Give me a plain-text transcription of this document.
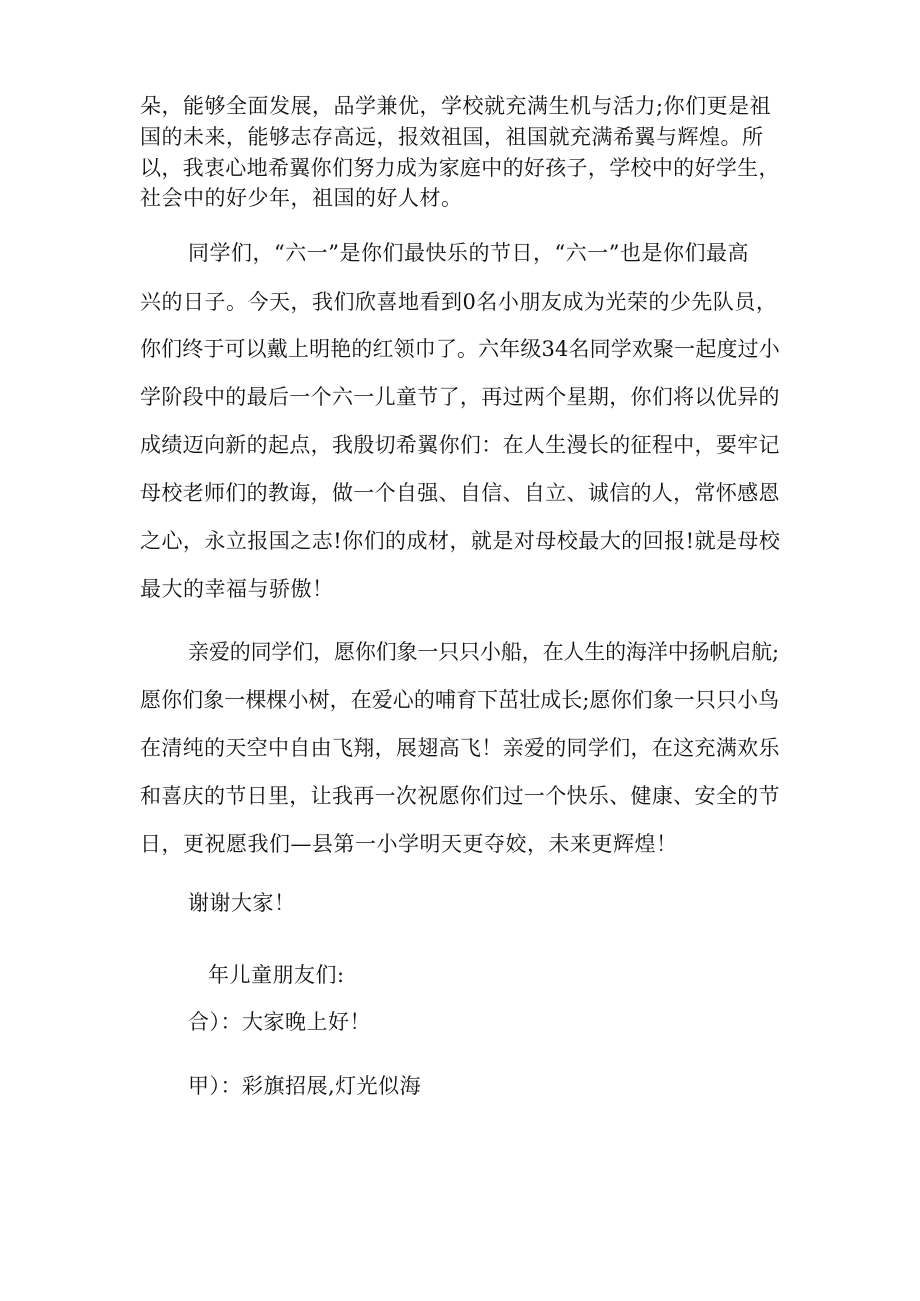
朵，能够全面发展，品学兼优，学校就充满生机与活力;你们更是祖
国的未来，能够志存高远，报效祖国，祖国就充满希翼与辉煌。所
以，我衷心地希翼你们努力成为家庭中的好孩子，学校中的好学生，
社会中的好少年，祖国的好人材。
同学们，“六一”是你们最快乐的节日，“六一”也是你们最高
兴的日子。今天，我们欣喜地看到0名小朋友成为光荣的少先队员，
你们终于可以戴上明艳的红领巾了。六年级34名同学欢聚一起度过小
学阶段中的最后一个六一儿童节了，再过两个星期，你们将以优异的
成绩迈向新的起点，我殷切希翼你们：在人生漫长的征程中，要牢记
母校老师们的教诲，做一个自强、自信、自立、诚信的人，常怀感恩
之心，永立报国之志!你们的成材，就是对母校最大的回报!就是母校
最大的幸福与骄傲！
亲爱的同学们，愿你们象一只只小船，在人生的海洋中扬帆启航;
愿你们象一棵棵小树，在爱心的哺育下茁壮成长;愿你们象一只只小鸟
在清纯的天空中自由飞翔，展翅高飞！亲爱的同学们，在这充满欢乐
和喜庆的节日里，让我再一次祝愿你们过一个快乐、健康、安全的节
日，更祝愿我们—县第一小学明天更夺姣，未来更辉煌！
谢谢大家！
年儿童朋友们:
合）：大家晚上好！
甲）：彩旗招展,灯光似海
